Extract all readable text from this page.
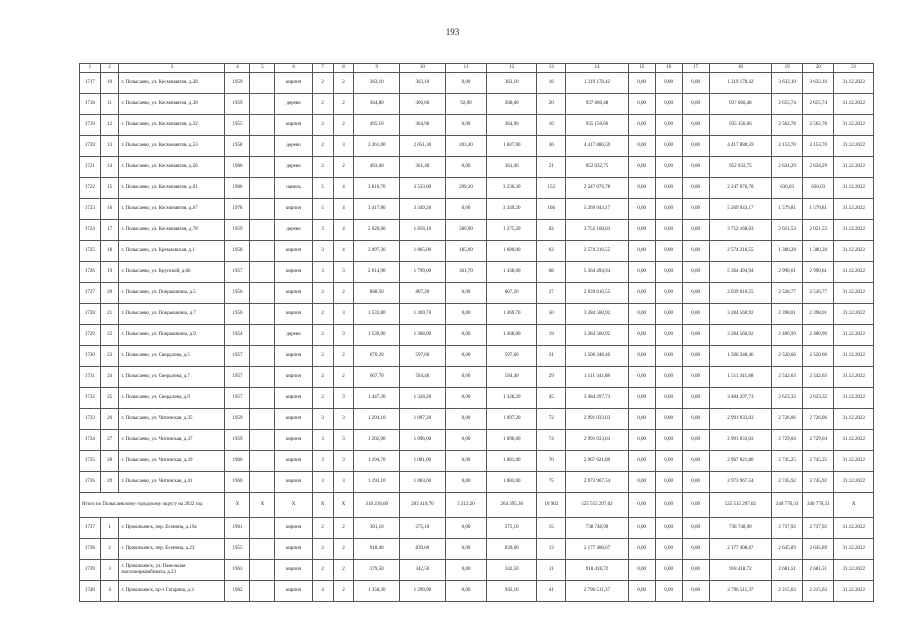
193
1	2	3	4	5	6	7	8	9	10	11	12	13	14	15	16	17	18	19	20	21
1717	10	г. Полысаево, ул. Космонавтов, д.28	1959		кирпич	2	2	363,10	363,10	0,00	363,10	16	1 319 178,42	0,00	0,00	0,00	1 319 178,42	3 633,10	3 633,10	31.12.2022
1718	11	г. Полысаево, ул. Космонавтов, д.30	1959		дерево	2	2	364,80	360,60	92,00	268,60	20	937 660,48	0,00	0,00	0,00	937 660,48	2 655,74	2 655,74	31.12.2022
1719	12	г. Полысаево, ул. Космонавтов, д.32	1955		кирпич	2	2	405,10	364,90	0,00	364,90	16	935 156,66	0,00	0,00	0,00	935 156,66	2 562,78	2 562,78	31.12.2022
1720	13	г. Полысаево, ул. Космонавтов, д.53	1958		дерево	2	3	2 261,00	2 051,30	203,40	1 847,90	36	4 417 880,59	0,00	0,00	0,00	4 417 880,59	2 153,70	2 153,70	31.12.2022
1721	14	г. Полысаево, ул. Космонавтов, д.56	1960		дерево	2	2	403,60	361,40	0,00	361,40	21	952 032,75	0,00	0,00	0,00	952 032,75	2 634,29	2 634,29	31.12.2022
1722	15	г. Полысаево, ул. Космонавтов, д.61	1966		панель	5	4	3 816,70	3 533,60	299,30	3 230,30	152	2 247 076,78	0,00	0,00	0,00	2 247 076,78	636,03	636,03	31.12.2022
1723	16	г. Полысаево, ул. Космонавтов, д.67	1978		кирпич	5	4	3 417,80	3 349,20	0,00	3 349,20	166	5 269 943,17	0,00	0,00	0,00	5 269 943,17	1 579,81	1 579,81	31.12.2022
1724	17	г. Полысаево, ул. Космонавтов, д.78	1959		дерево	3	4	2 020,60	1 856,10	580,90	1 275,20	62	3 752 168,03	0,00	0,00	0,00	3 752 168,03	2 021,53	2 021,53	31.12.2022
1725	18	г. Полысаево, ул. Кремлевская, д.1	1958		кирпич	3	4	2 097,36	1 865,00	185,00	1 680,00	63	2 574 216,55	0,00	0,00	0,00	2 574 216,55	1 380,28	1 380,28	31.12.2022
1726	19	г. Полысаево, ул. Крупской, д.66	1957		кирпич	3	3	2 014,90	1 799,00	361,70	1 438,00	68	5 364 494,94	0,00	0,00	0,00	5 364 494,94	2 990,61	2 990,61	31.12.2022
1727	20	г. Полысаево, ул. Покрышкина, д.5	1956		кирпич	2	2	868,50	807,20	0,00	807,20	27	2 039 610,55	0,00	0,00	0,00	2 039 610,55	2 526,77	2 526,77	31.12.2022
1728	21	г. Полысаево, ул. Покрышкина, д.7	1956		кирпич	2	3	1 533,80	1 369,70	0,00	1 369,70	50	3 284 560,92	0,00	0,00	0,00	3 284 560,92	2 398,01	2 398,01	31.12.2022
1729	22	г. Полысаево, ул. Покрышкина, д.9	1954		дерево	2	3	1 539,00	1 368,00	0,00	1 368,00	19	3 284 560,92	0,00	0,00	0,00	3 284 560,92	2 400,99	2 400,99	31.12.2022
1730	23	г. Полысаево, ул. Свердлова, д.5	1957		кирпич	2	2	670,20	597,60	0,00	597,60	31	1 506 348,46	0,00	0,00	0,00	1 506 348,46	2 520,66	2 520,66	31.12.2022
1731	24	г. Полысаево, ул. Свердлова, д.7	1957		кирпич	2	2	667,70	594,40	0,00	594,40	29	1 511 341,88	0,00	0,00	0,00	1 511 341,88	2 542,63	2 542,63	31.12.2022
1732	25	г. Полысаево, ул. Свердлова, д.9	1957		кирпич	2	3	1 447,20	1 328,20	0,00	1 328,20	45	3 484 297,73	0,00	0,00	0,00	3 484 297,73	2 623,32	2 623,32	31.12.2022
1733	26	г. Полысаево, ул. Читинская, д.35	1959		кирпич	3	3	1 294,10	1 097,20	0,00	1 097,20	72	2 991 033,03	0,00	0,00	0,00	2 991 033,03	2 726,06	2 726,06	31.12.2022
1734	27	г. Полысаево, ул. Читинская, д.37	1959		кирпич	3	3	1 202,90	1 096,00	0,00	1 096,00	74	2 991 033,03	0,00	0,00	0,00	2 991 033,03	2 729,04	2 729,04	31.12.2022
1735	28	г. Полысаево, ул. Читинская, д.39	1960		кирпич	3	3	1 194,70	1 081,00	0,00	1 081,00	70	2 967 621,80	0,00	0,00	0,00	2 967 621,80	2 745,25	2 745,25	31.12.2022
1736	29	г. Полысаево, ул. Читинская, д.41	1960		кирпич	3	3	1 192,10	1 083,00	0,00	1 083,00	75	2 973 967,54	0,00	0,00	0,00	2 973 967,54	2 745,92	2 745,92	31.12.2022
Итого по Полысаевскому городскому округу на 2022 год			X	X	X	X	X	310 218,60	283 410,70	5 212,20	264 395,30	10 902	525 515 297,02	0,00	0,00	0,00	525 515 297,02	340 770,33	340 770,33	X
1737	1	г. Прокопьевск, пер. Есенина, д.19а	1961		кирпич	2	2	301,10	275,10	0,00	275,10	15	738 748,90	0,00	0,00	0,00	738 748,90	2 737,92	2 737,92	31.12.2022
1738	2	г. Прокопьевск, пер. Есенина, д.23	1955		кирпич	2	2	918,40	839,60	0,00	839,60	13	2 177 408,67	0,00	0,00	0,00	2 177 408,67	2 645,89	2 645,89	31.12.2022
1739	3	г. Прокопьевск, ул. Панельная масложиркомбината, д.23	1963		кирпич	2	2	379,50	342,50	0,00	342,50	11	918 418,72	0,00	0,00	0,00	918 418,72	2 681,51	2 681,51	31.12.2022
1740	4	г. Прокопьевск, пр-т Гагарина, д.3	1962		кирпич	4	2	1 358,30	1 299,90	0,00	943,10	41	2 796 511,37	0,00	0,00	0,00	2 796 511,37	2 215,63	2 215,63	31.12.2022
